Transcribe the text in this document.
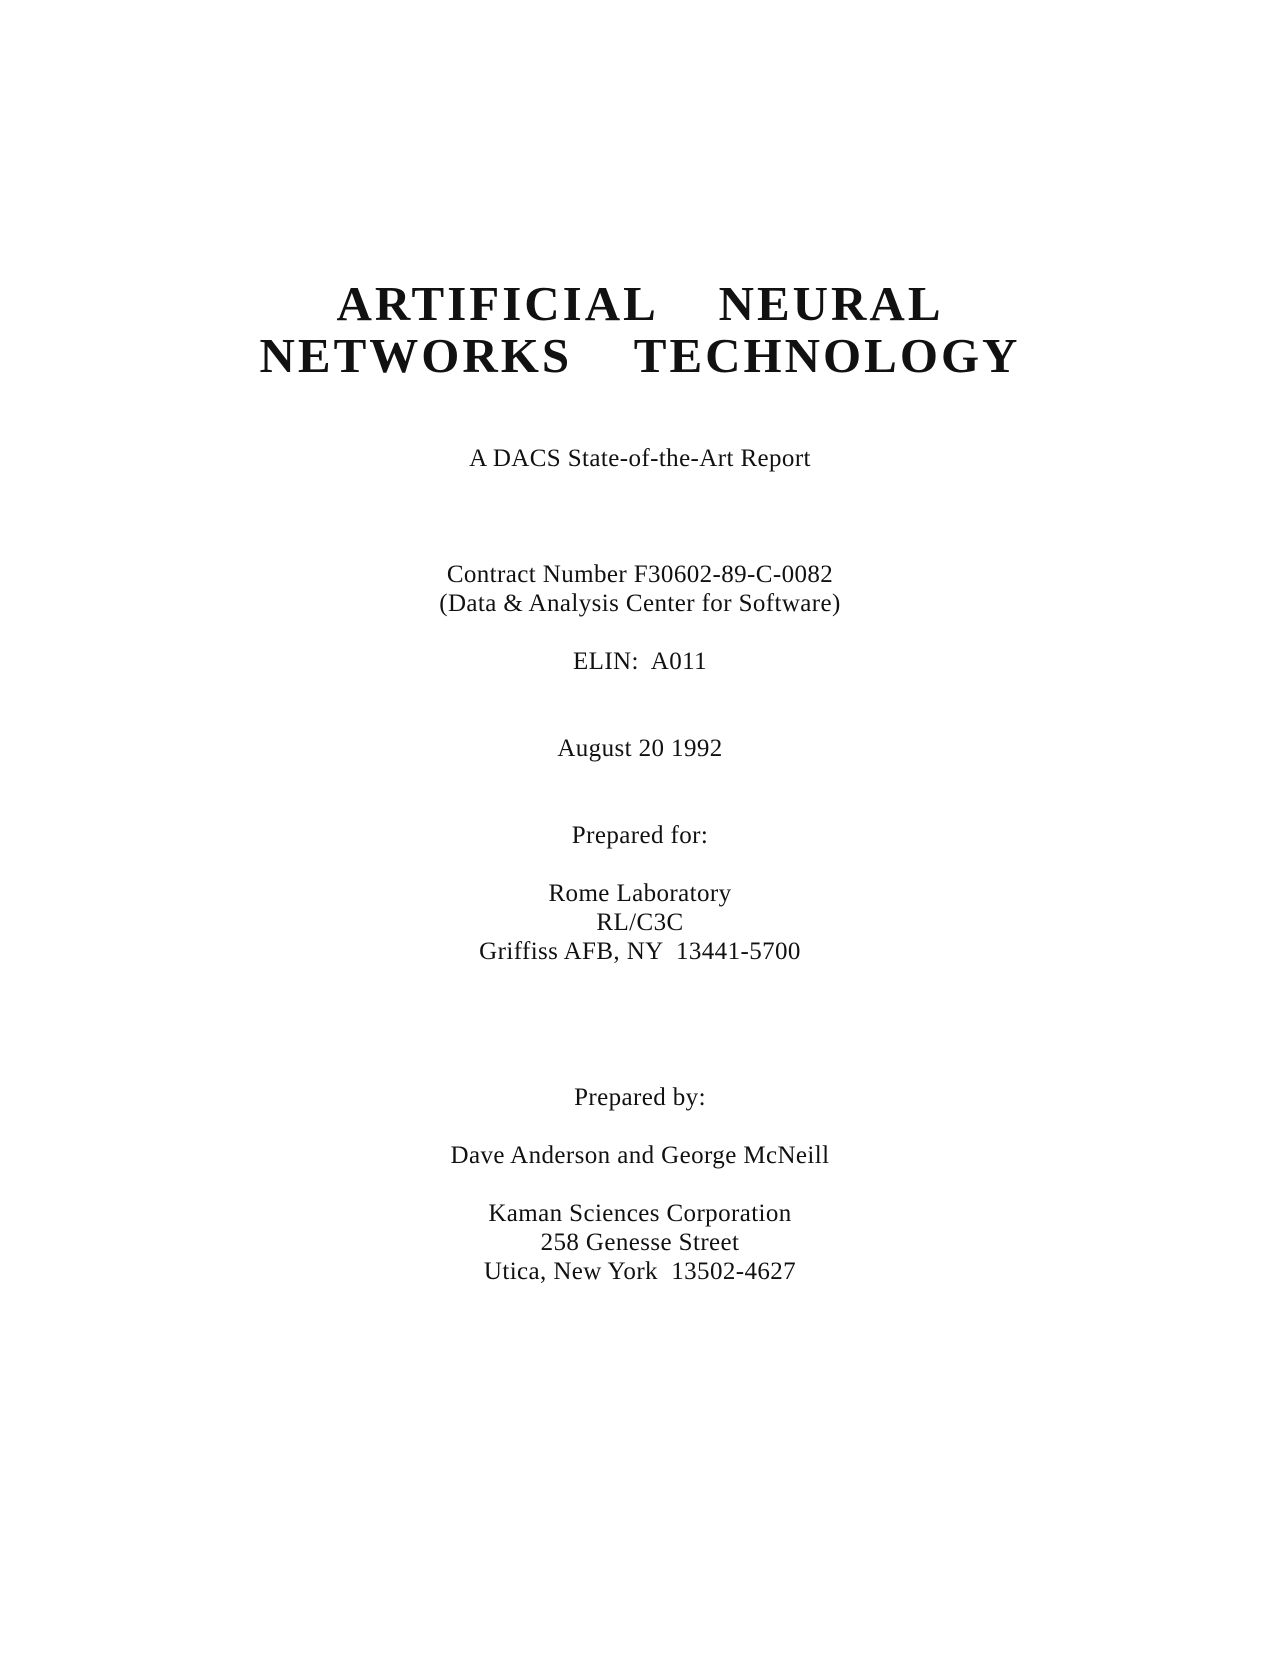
ARTIFICIAL  NEURAL
NETWORKS  TECHNOLOGY
A DACS State-of-the-Art Report
Contract Number F30602-89-C-0082
(Data & Analysis Center for Software)
ELIN:  A011
August 20 1992
Prepared for:
Rome Laboratory
RL/C3C
Griffiss AFB, NY  13441-5700
Prepared by:
Dave Anderson and George McNeill
Kaman Sciences Corporation
258 Genesse Street
Utica, New York  13502-4627
